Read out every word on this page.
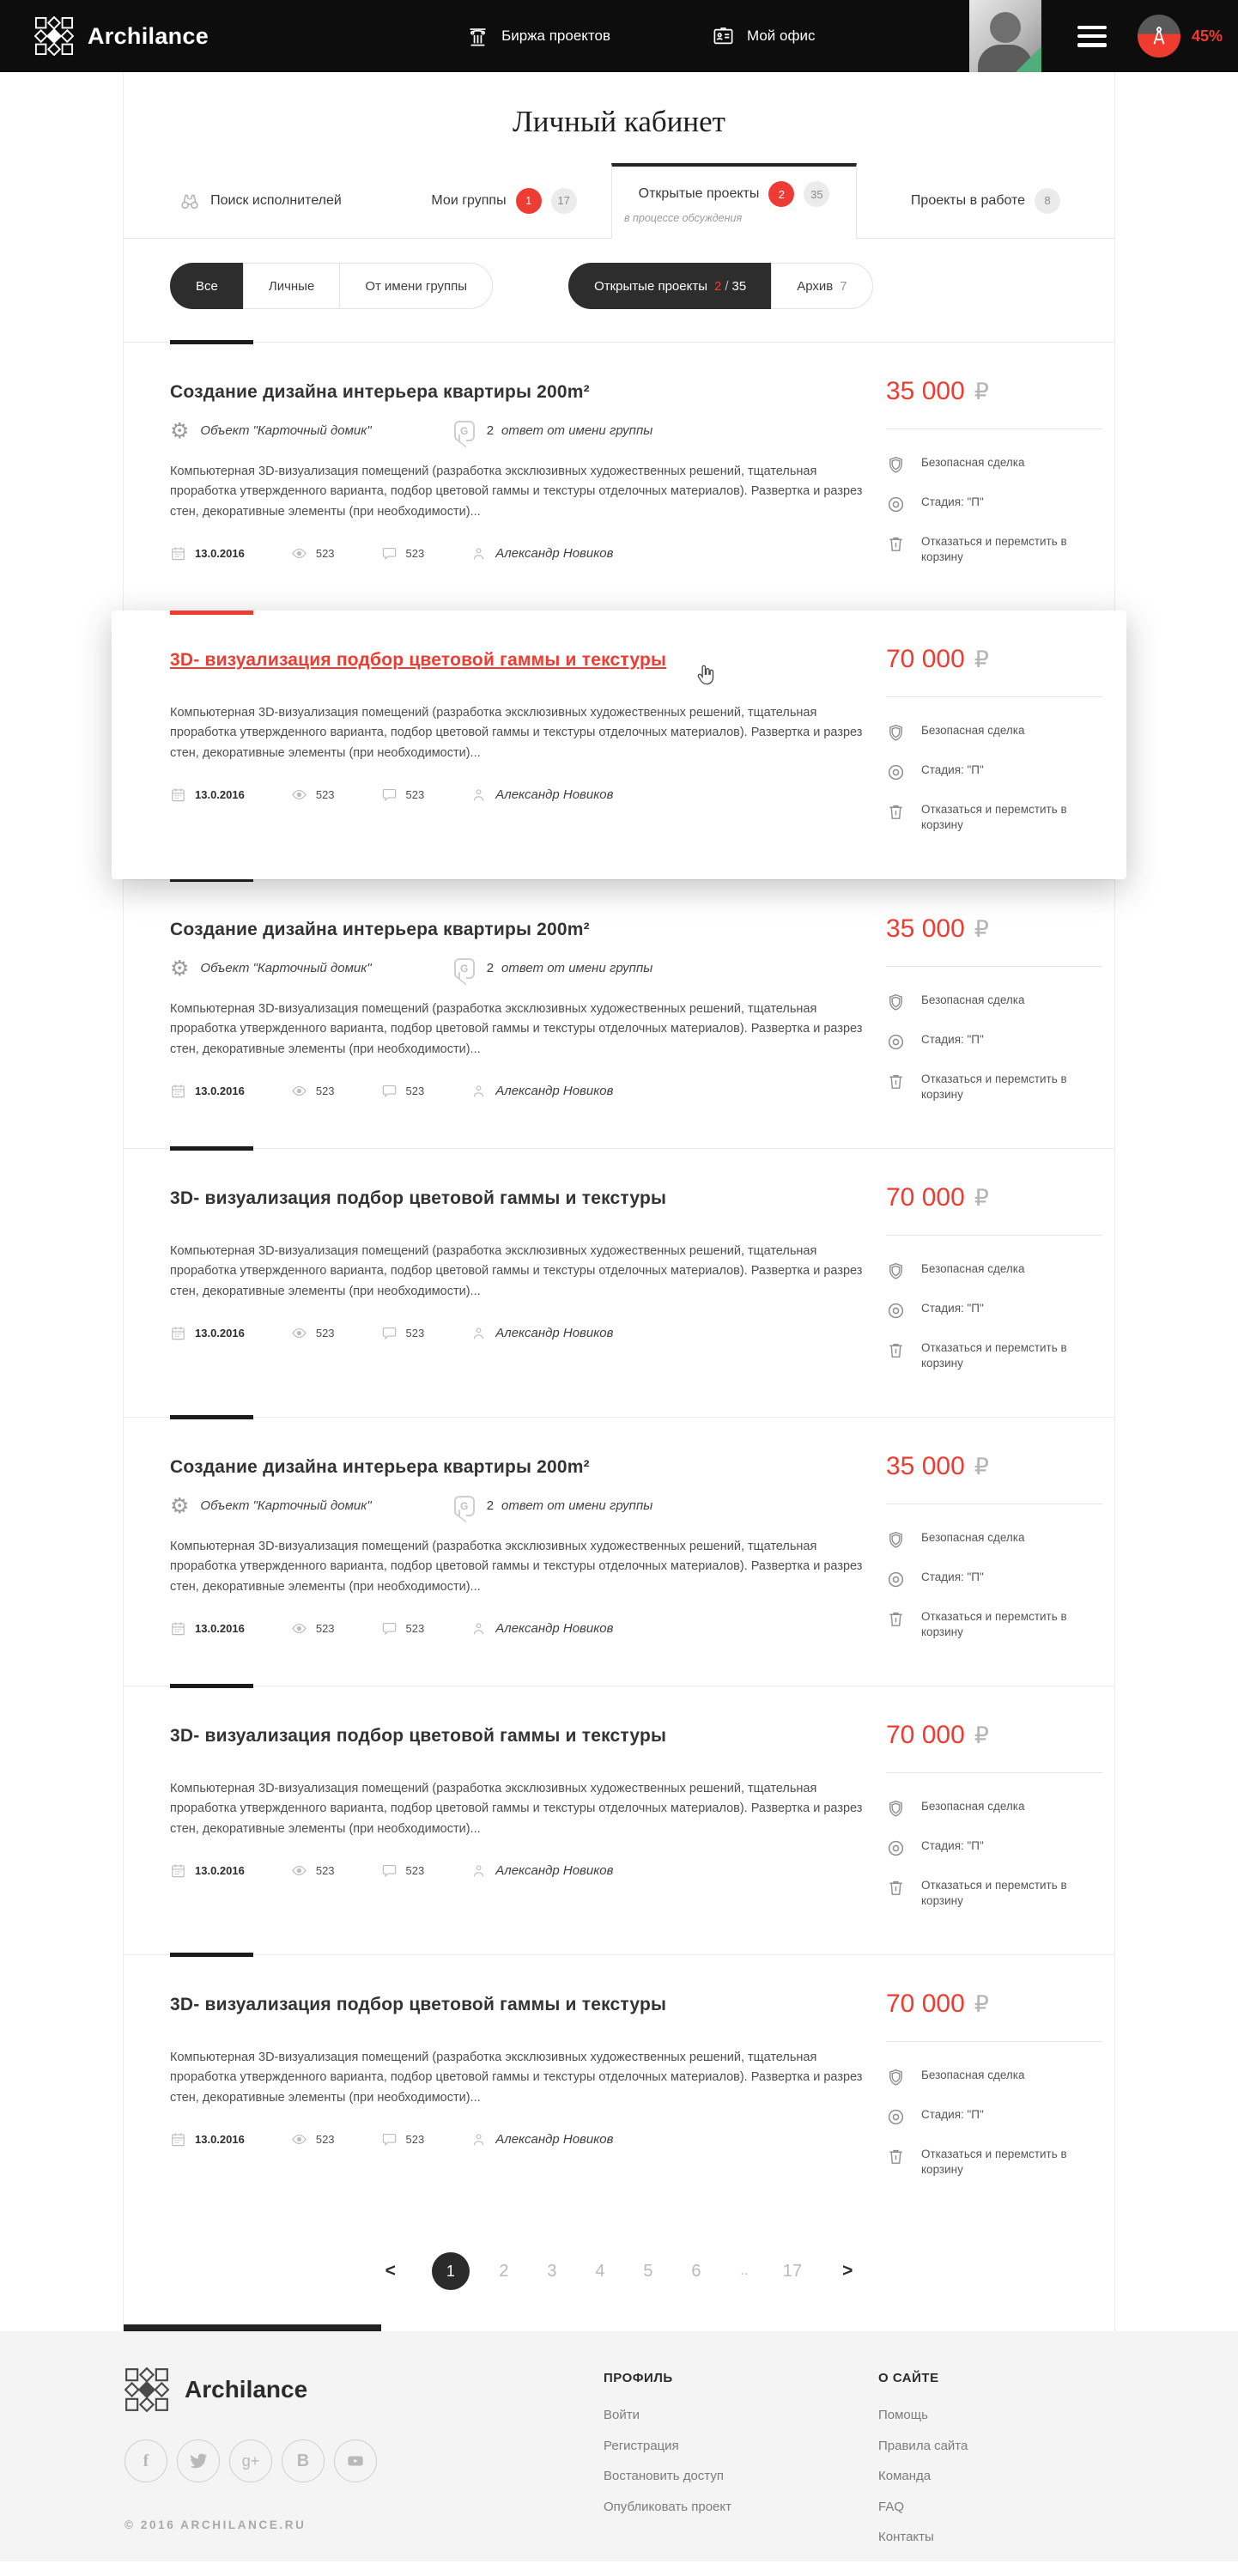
Archilance	Биржа проектов	Мой офис	45%
Личный кабинет
Поиск исполнителей	Мои группы	1	17	Открытые проекты	2	35
в процессе обсуждения
Проекты в работе	8
Все	Личные	От имени группы	Открытые проекты 2 / 35	Архив 7
Создание дизайна интерьера квартиры 200m²
⚙ Объект "Карточный домик"	G	2 ответ от имени группы

Компьютерная 3D-визуализация помещений (разработка эксклюзивных художественных решений, тщательная проработка утвержденного варианта, подбор цветовой гаммы и текстуры отделочных материалов). Развертка и разрез стен, декоративные элементы (при необходимости)...

13.0.2016	523	523	Александр Новиков
35 000 ₽
Безопасная сделка
Стадия: "П"
Отказаться и перемстить в корзину
3D- визуализация подбор цветовой гаммы и текстуры

Компьютерная 3D-визуализация помещений (разработка эксклюзивных художественных решений, тщательная проработка утвержденного варианта, подбор цветовой гаммы и текстуры отделочных материалов). Развертка и разрез стен, декоративные элементы (при необходимости)...

13.0.2016	523	523	Александр Новиков
70 000 ₽
Безопасная сделка
Стадия: "П"
Отказаться и перемстить в корзину
Создание дизайна интерьера квартиры 200m²
⚙ Объект "Карточный домик"	G	2 ответ от имени группы

Компьютерная 3D-визуализация помещений (разработка эксклюзивных художественных решений, тщательная проработка утвержденного варианта, подбор цветовой гаммы и текстуры отделочных материалов). Развертка и разрез стен, декоративные элементы (при необходимости)...

13.0.2016	523	523	Александр Новиков
35 000 ₽
Безопасная сделка
Стадия: "П"
Отказаться и перемстить в корзину
3D- визуализация подбор цветовой гаммы и текстуры

Компьютерная 3D-визуализация помещений (разработка эксклюзивных художественных решений, тщательная проработка утвержденного варианта, подбор цветовой гаммы и текстуры отделочных материалов). Развертка и разрез стен, декоративные элементы (при необходимости)...

13.0.2016	523	523	Александр Новиков
70 000 ₽
Безопасная сделка
Стадия: "П"
Отказаться и перемстить в корзину
Создание дизайна интерьера квартиры 200m²
⚙ Объект "Карточный домик"	G	2 ответ от имени группы

Компьютерная 3D-визуализация помещений (разработка эксклюзивных художественных решений, тщательная проработка утвержденного варианта, подбор цветовой гаммы и текстуры отделочных материалов). Развертка и разрез стен, декоративные элементы (при необходимости)...

13.0.2016	523	523	Александр Новиков
35 000 ₽
Безопасная сделка
Стадия: "П"
Отказаться и перемстить в корзину
3D- визуализация подбор цветовой гаммы и текстуры

Компьютерная 3D-визуализация помещений (разработка эксклюзивных художественных решений, тщательная проработка утвержденного варианта, подбор цветовой гаммы и текстуры отделочных материалов). Развертка и разрез стен, декоративные элементы (при необходимости)...

13.0.2016	523	523	Александр Новиков
70 000 ₽
Безопасная сделка
Стадия: "П"
Отказаться и перемстить в корзину
3D- визуализация подбор цветовой гаммы и текстуры

Компьютерная 3D-визуализация помещений (разработка эксклюзивных художественных решений, тщательная проработка утвержденного варианта, подбор цветовой гаммы и текстуры отделочных материалов). Развертка и разрез стен, декоративные элементы (при необходимости)...

13.0.2016	523	523	Александр Новиков
70 000 ₽
Безопасная сделка
Стадия: "П"
Отказаться и перемстить в корзину
<	1	2 3 4 5 6	..	17 >
Archilance
f	g+	B
© 2016 ARCHILANCE.RU
ПРОФИЛЬ
Войти
Регистрация
Востановить доступ
Опубликовать проект
О САЙТЕ
Помощь
Правила сайта
Команда
FAQ
Контакты
